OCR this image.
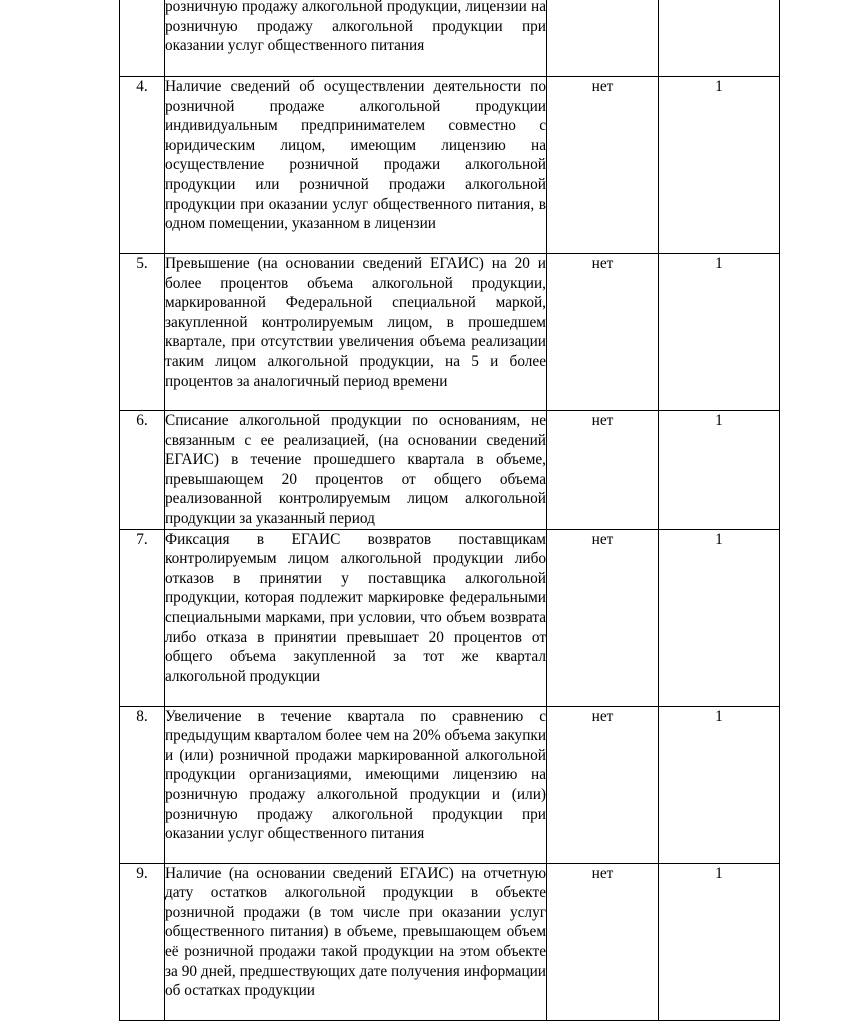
	розничную продажу алкогольной продукции, лицензии на розничную продажу алкогольной продукции при оказании услуг общественного питания		
4.	Наличие сведений об осуществлении деятельности по розничной продаже алкогольной продукции индивидуальным предпринимателем совместно с юридическим лицом, имеющим лицензию на осуществление розничной продажи алкогольной продукции или розничной продажи алкогольной продукции при оказании услуг общественного питания, в одном помещении, указанном в лицензии	нет	1
5.	Превышение (на основании сведений ЕГАИС) на 20 и более процентов объема алкогольной продукции, маркированной Федеральной специальной маркой, закупленной контролируемым лицом, в прошедшем квартале, при отсутствии увеличения объема реализации таким лицом алкогольной продукции, на 5 и более процентов за аналогичный период времени	нет	1
6.	Списание алкогольной продукции по основаниям, не связанным с ее реализацией, (на основании сведений ЕГАИС) в течение прошедшего квартала в объеме, превышающем 20 процентов от общего объема реализованной контролируемым лицом алкогольной продукции за указанный период	нет	1
7.	Фиксация в ЕГАИС возвратов поставщикам контролируемым лицом алкогольной продукции либо отказов в принятии у поставщика алкогольной продукции, которая подлежит маркировке федеральными специальными марками, при условии, что объем возврата либо отказа в принятии превышает 20 процентов от общего объема закупленной за тот же квартал алкогольной продукции	нет	1
8.	Увеличение в течение квартала по сравнению с предыдущим кварталом более чем на 20% объема закупки и (или) розничной продажи маркированной алкогольной продукции организациями, имеющими лицензию на розничную продажу алкогольной продукции и (или) розничную продажу алкогольной продукции при оказании услуг общественного питания	нет	1
9.	Наличие (на основании сведений ЕГАИС) на отчетную дату остатков алкогольной продукции в объекте розничной продажи (в том числе при оказании услуг общественного питания) в объеме, превышающем объем её розничной продажи такой продукции на этом объекте за 90 дней, предшествующих дате получения информации об остатках продукции	нет	1
